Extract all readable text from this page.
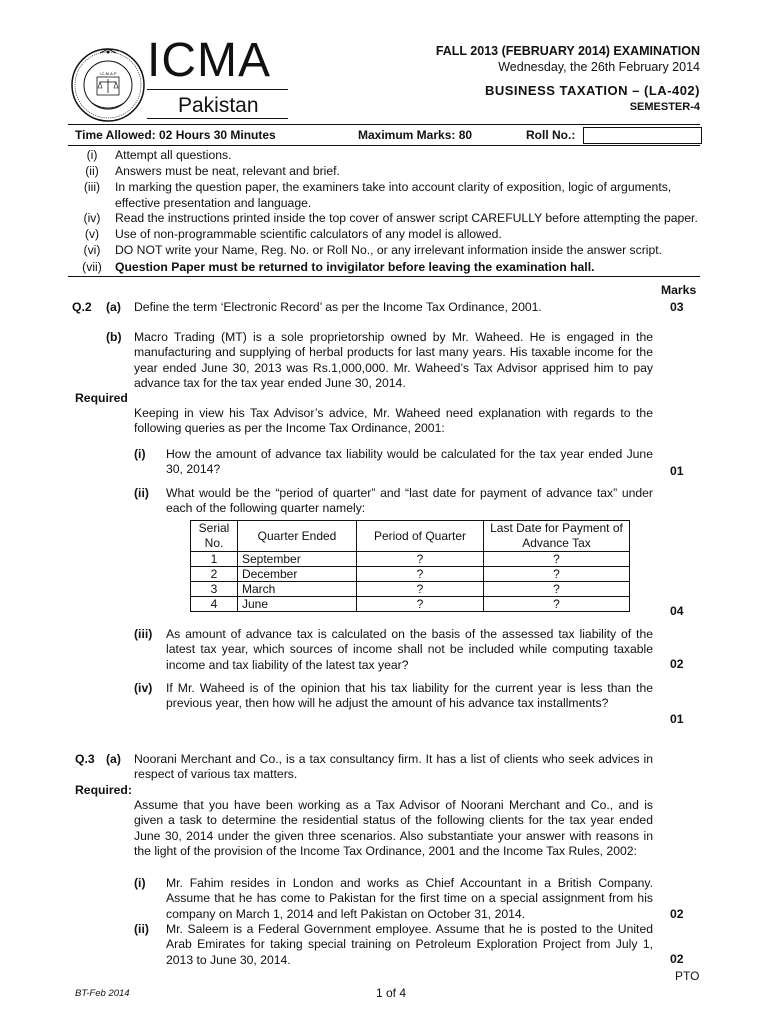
I.C.M.A.P ICMA
Pakistan
FALL 2013 (FEBRUARY 2014) EXAMINATION
Wednesday, the 26th February 2014
BUSINESS TAXATION – (LA-402)
SEMESTER-4
Time Allowed: 02 Hours 30 Minutes	Maximum Marks: 80	Roll No.:
(i)	Attempt all questions.
(ii)	Answers must be neat, relevant and brief.
(iii)	In marking the question paper, the examiners take into account clarity of exposition, logic of arguments, effective presentation and language.
(iv)	Read the instructions printed inside the top cover of answer script CAREFULLY before attempting the paper.
(v)	Use of non-programmable scientific calculators of any model is allowed.
(vi)	DO NOT write your Name, Reg. No. or Roll No., or any irrelevant information inside the answer script.
(vii)	Question Paper must be returned to invigilator before leaving the examination hall.
Marks
Q.2 (a) Define the term ‘Electronic Record’ as per the Income Tax Ordinance, 2001.	03
(b) Macro Trading (MT) is a sole proprietorship owned by Mr. Waheed. He is engaged in the manufacturing and supplying of herbal products for last many years. His taxable income for the year ended June 30, 2013 was Rs.1,000,000. Mr. Waheed’s Tax Advisor apprised him to pay advance tax for the tax year ended June 30, 2014.
Required
Keeping in view his Tax Advisor’s advice, Mr. Waheed need explanation with regards to the following queries as per the Income Tax Ordinance, 2001:
(i) How the amount of advance tax liability would be calculated for the tax year ended June 30, 2014?	01
(ii) What would be the “period of quarter” and “last date for payment of advance tax” under each of the following quarter namely:
Serial No.	Quarter Ended	Period of Quarter	Last Date for Payment of Advance Tax
1	September	?	?
2	December	?	?
3	March	?	?
4	June	?	?	04
(iii) As amount of advance tax is calculated on the basis of the assessed tax liability of the latest tax year, which sources of income shall not be included while computing taxable income and tax liability of the latest tax year?	02
(iv) If Mr. Waheed is of the opinion that his tax liability for the current year is less than the previous year, then how will he adjust the amount of his advance tax installments?
01
Q.3 (a) Noorani Merchant and Co., is a tax consultancy firm. It has a list of clients who seek advices in respect of various tax matters.
Required:
Assume that you have been working as a Tax Advisor of Noorani Merchant and Co., and is given a task to determine the residential status of the following clients for the tax year ended June 30, 2014 under the given three scenarios. Also substantiate your answer with reasons in the light of the provision of the Income Tax Ordinance, 2001 and the Income Tax Rules, 2002:
(i) Mr. Fahim resides in London and works as Chief Accountant in a British Company. Assume that he has come to Pakistan for the first time on a special assignment from his company on March 1, 2014 and left Pakistan on October 31, 2014.	02
(ii) Mr. Saleem is a Federal Government employee. Assume that he is posted to the United Arab Emirates for taking special training on Petroleum Exploration Project from July 1, 2013 to June 30, 2014.	02
PTO
BT-Feb 2014	1 of 4
